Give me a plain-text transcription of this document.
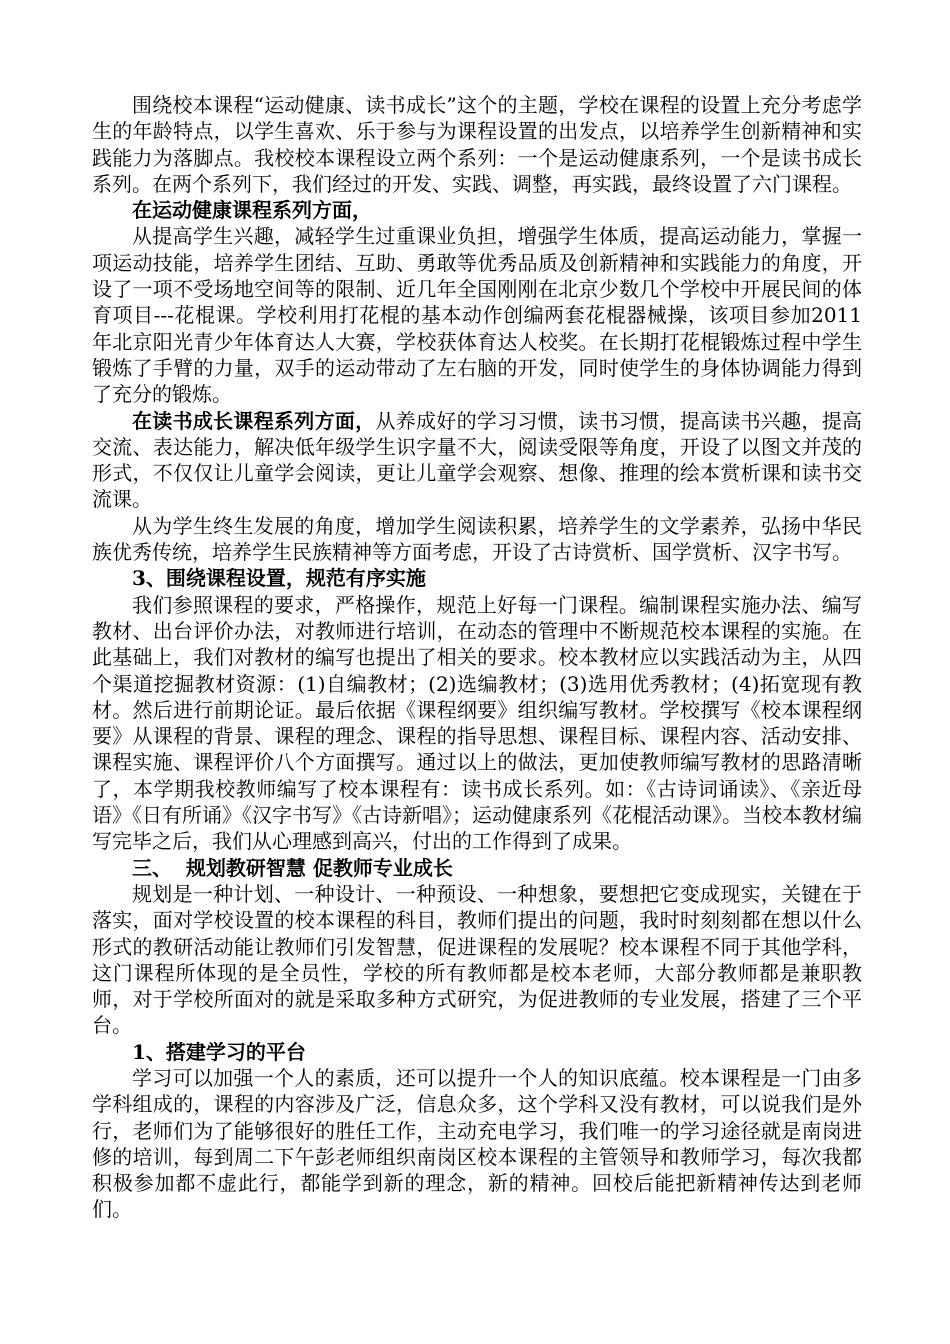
围绕校本课程“运动健康、读书成长”这个的主题，学校在课程的设置上充分考虑学生的年龄特点，以学生喜欢、乐于参与为课程设置的出发点，以培养学生创新精神和实践能力为落脚点。我校校本课程设立两个系列：一个是运动健康系列，一个是读书成长系列。在两个系列下，我们经过的开发、实践、调整，再实践，最终设置了六门课程。

在运动健康课程系列方面，

从提高学生兴趣，减轻学生过重课业负担，增强学生体质，提高运动能力，掌握一项运动技能，培养学生团结、互助、勇敢等优秀品质及创新精神和实践能力的角度，开设了一项不受场地空间等的限制、近几年全国刚刚在北京少数几个学校中开展民间的体育项目---花棍课。学校利用打花棍的基本动作创编两套花棍器械操，该项目参加2011年北京阳光青少年体育达人大赛，学校获体育达人校奖。在长期打花棍锻炼过程中学生锻炼了手臂的力量，双手的运动带动了左右脑的开发，同时使学生的身体协调能力得到了充分的锻炼。

在读书成长课程系列方面，从养成好的学习习惯，读书习惯，提高读书兴趣，提高交流、表达能力，解决低年级学生识字量不大，阅读受限等角度，开设了以图文并茂的形式，不仅仅让儿童学会阅读，更让儿童学会观察、想像、推理的绘本赏析课和读书交流课。

从为学生终生发展的角度，增加学生阅读积累，培养学生的文学素养，弘扬中华民族优秀传统，培养学生民族精神等方面考虑，开设了古诗赏析、国学赏析、汉字书写。

3、围绕课程设置，规范有序实施

我们参照课程的要求，严格操作，规范上好每一门课程。编制课程实施办法、编写教材、出台评价办法，对教师进行培训，在动态的管理中不断规范校本课程的实施。在此基础上，我们对教材的编写也提出了相关的要求。校本教材应以实践活动为主，从四个渠道挖掘教材资源：(1)自编教材；(2)选编教材；(3)选用优秀教材；(4)拓宽现有教材。然后进行前期论证。最后依据《课程纲要》组织编写教材。学校撰写《校本课程纲要》从课程的背景、课程的理念、课程的指导思想、课程目标、课程内容、活动安排、课程实施、课程评价八个方面撰写。通过以上的做法，更加使教师编写教材的思路清晰了，本学期我校教师编写了校本课程有：读书成长系列。如：《古诗词诵读》、《亲近母语》《日有所诵》《汉字书写》《古诗新唱》；运动健康系列《花棍活动课》。当校本教材编写完毕之后，我们从心理感到高兴，付出的工作得到了成果。

三、  规划教研智慧 促教师专业成长

规划是一种计划、一种设计、一种预设、一种想象，要想把它变成现实，关键在于落实，面对学校设置的校本课程的科目，教师们提出的问题，我时时刻刻都在想以什么形式的教研活动能让教师们引发智慧，促进课程的发展呢？校本课程不同于其他学科，这门课程所体现的是全员性，学校的所有教师都是校本老师，大部分教师都是兼职教师，对于学校所面对的就是采取多种方式研究，为促进教师的专业发展，搭建了三个平台。

1、搭建学习的平台

学习可以加强一个人的素质，还可以提升一个人的知识底蕴。校本课程是一门由多学科组成的，课程的内容涉及广泛，信息众多，这个学科又没有教材，可以说我们是外行，老师们为了能够很好的胜任工作，主动充电学习，我们唯一的学习途径就是南岗进修的培训，每到周二下午彭老师组织南岗区校本课程的主管领导和教师学习，每次我都积极参加都不虚此行，都能学到新的理念，新的精神。回校后能把新精神传达到老师们。
